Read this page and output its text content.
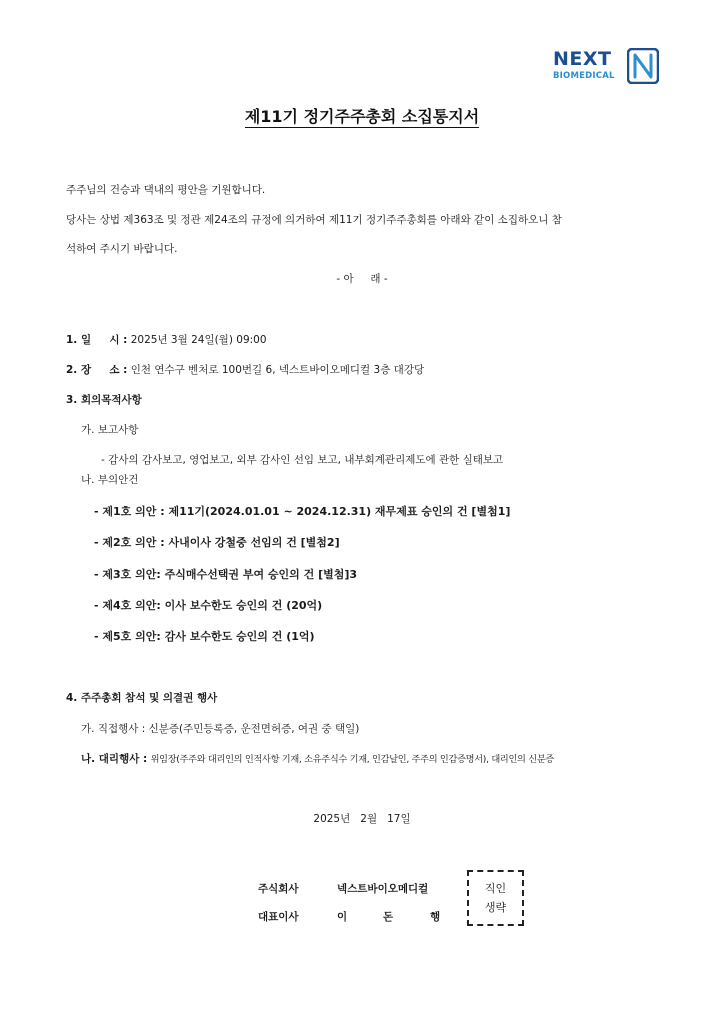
NEXT
BIOMEDICAL
제11기 정기주주총회 소집통지서
주주님의 건승과 댁내의 평안을 기원합니다.
당사는 상법 제363조 및 정관 제24조의 규정에 의거하여 제11기 정기주주총회를 아래와 같이 소집하오니 참
석하여 주시기 바랍니다.
- 아     래 -
1. 일     시 : 2025년 3월 24일(월) 09:00
2. 장     소 : 인천 연수구 벤처로 100번길 6, 넥스트바이오메디컬 3층 대강당
3. 회의목적사항
가. 보고사항
- 감사의 감사보고, 영업보고, 외부 감사인 선임 보고, 내부회계관리제도에 관한 실태보고
나. 부의안건
- 제1호 의안 : 제11기(2024.01.01 ~ 2024.12.31) 재무제표 승인의 건 [별첨1]
- 제2호 의안 : 사내이사 강철중 선임의 건 [별첨2]
- 제3호 의안: 주식매수선택권 부여 승인의 건 [별첨]3
- 제4호 의안: 이사 보수한도 승인의 건 (20억)
- 제5호 의안: 감사 보수한도 승인의 건 (1억)
4. 주주총회 참석 및 의결권 행사
가. 직접행사 : 신분증(주민등록증, 운전면허증, 여권 중 택일)
나. 대리행사 : 위임장(주주와 대리인의 인적사항 기재, 소유주식수 기재, 인감날인, 주주의 인감증명서), 대리인의 신분증
2025년   2월   17일
주식회사	넥스트바이오메디컬
대표이사	이	돈	행
직인
생략
